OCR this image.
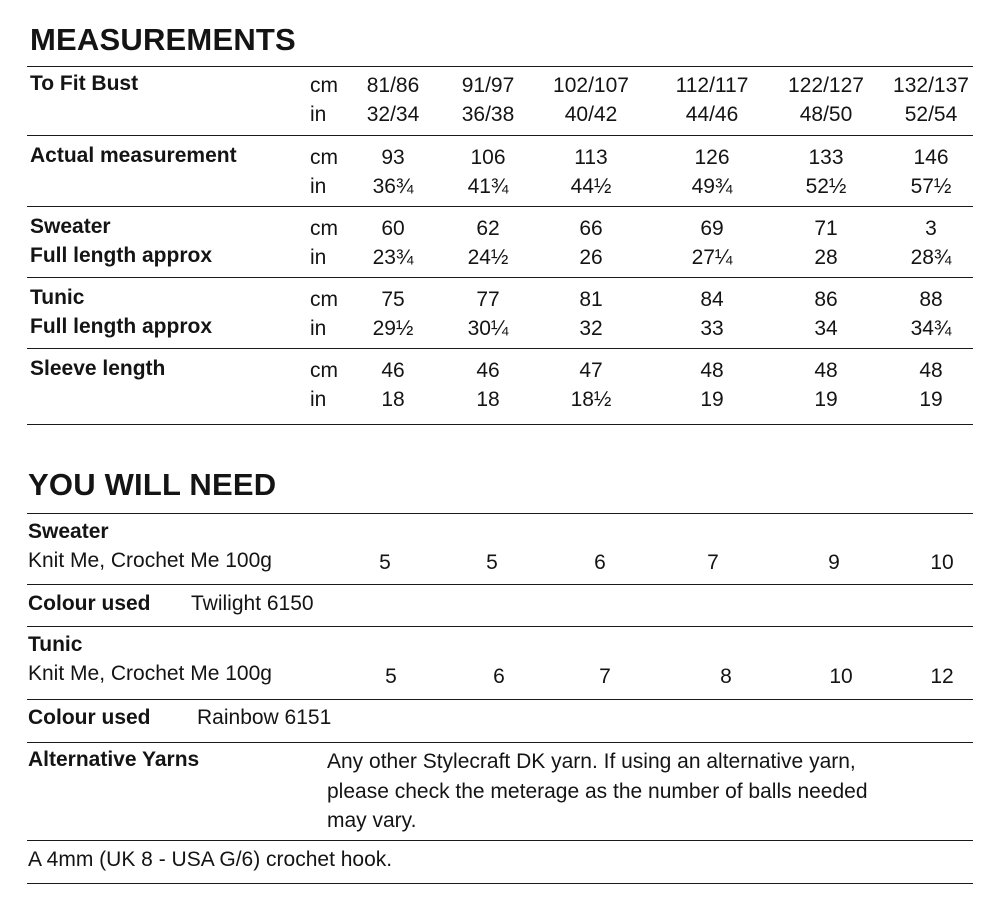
MEASUREMENTS
To Fit Bust	cm	81/86	91/97	102/107	112/117	122/127	132/137
in	32/34	36/38	40/42	44/46	48/50	52/54
Actual measurement	cm	93	106	113	126	133	146
in	36¾	41¾	44½	49¾	52½	57½
Sweater	cm	60	62	66	69	71	3
Full length approx	in	23¾	24½	26	27¼	28	28¾
Tunic	cm	75	77	81	84	86	88
Full length approx	in	29½	30¼	32	33	34	34¾
Sleeve length	cm	46	46	47	48	48	48
in	18	18	18½	19	19	19
YOU WILL NEED
Sweater
Knit Me, Crochet Me 100g	5	5	6	7	9	10
Colour used Twilight 6150
Tunic
Knit Me, Crochet Me 100g	5	6	7	8	10	12
Colour used Rainbow 6151
Alternative Yarns	Any other Stylecraft DK yarn. If using an alternative yarn,
please check the meterage as the number of balls needed
may vary.
A 4mm (UK 8 - USA G/6) crochet hook.
